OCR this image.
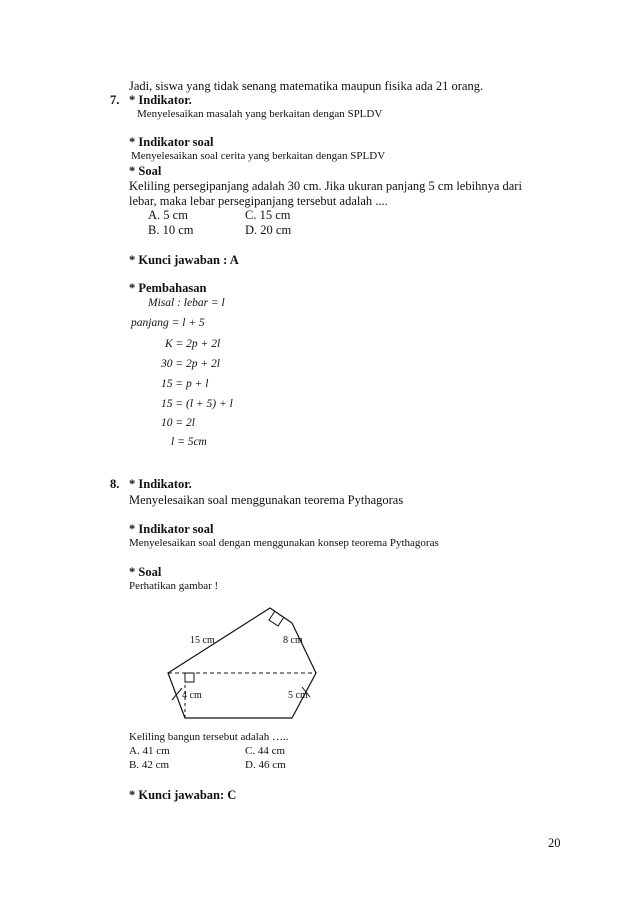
Jadi, siswa yang tidak senang matematika maupun fisika ada 21 orang.
7. * Indikator.
Menyelesaikan masalah yang berkaitan dengan SPLDV
* Indikator soal
Menyelesaikan soal cerita yang berkaitan dengan SPLDV
* Soal
Keliling persegipanjang adalah 30 cm. Jika ukuran panjang 5 cm lebihnya dari
lebar, maka lebar persegipanjang tersebut adalah ....
A. 5 cm	C. 15 cm
B. 10 cm	D. 20 cm
* Kunci jawaban : A
* Pembahasan
Misal : lebar = l
panjang = l + 5
K = 2p + 2l
30 = 2p + 2l
15 = p + l
15 = (l + 5) + l
10 = 2l
l = 5cm
8. * Indikator.
Menyelesaikan soal menggunakan teorema Pythagoras
* Indikator soal
Menyelesaikan soal dengan menggunakan konsep teorema Pythagoras
* Soal
Perhatikan gambar !
15 cm	8 cm
4 cm	5 cm
Keliling bangun tersebut adalah …..
A. 41 cm	C. 44 cm
B. 42 cm	D. 46 cm
* Kunci jawaban: C
20
